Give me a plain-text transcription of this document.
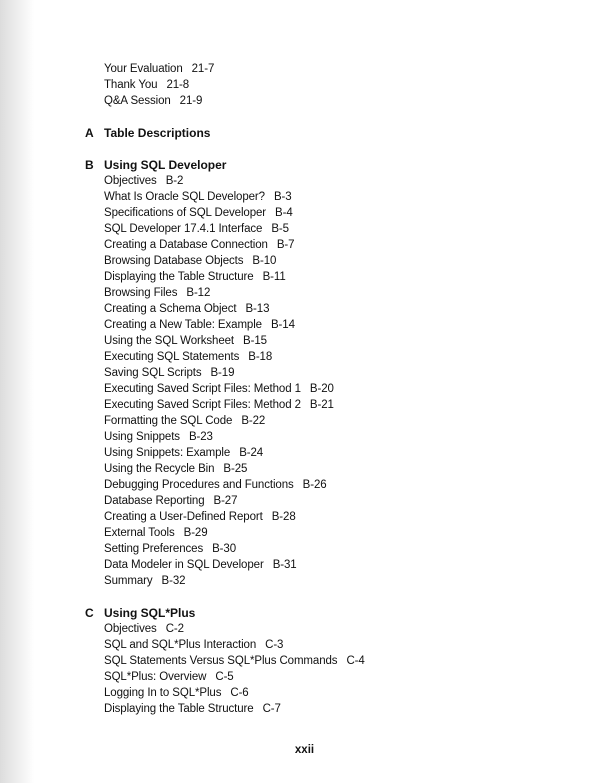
xxii
Your Evaluation 21-7
Thank You 21-8
Q&A Session 21-9
A Table Descriptions
B Using SQL Developer
Objectives B-2
What Is Oracle SQL Developer? B-3
Specifications of SQL Developer B-4
SQL Developer 17.4.1 Interface B-5
Creating a Database Connection B-7
Browsing Database Objects B-10
Displaying the Table Structure B-11
Browsing Files B-12
Creating a Schema Object B-13
Creating a New Table: Example B-14
Using the SQL Worksheet B-15
Executing SQL Statements B-18
Saving SQL Scripts B-19
Executing Saved Script Files: Method 1 B-20
Executing Saved Script Files: Method 2 B-21
Formatting the SQL Code B-22
Using Snippets B-23
Using Snippets: Example B-24
Using the Recycle Bin B-25
Debugging Procedures and Functions B-26
Database Reporting B-27
Creating a User-Defined Report B-28
External Tools B-29
Setting Preferences B-30
Data Modeler in SQL Developer B-31
Summary B-32
C Using SQL*Plus
Objectives C-2
SQL and SQL*Plus Interaction C-3
SQL Statements Versus SQL*Plus Commands C-4
SQL*Plus: Overview C-5
Logging In to SQL*Plus C-6
Displaying the Table Structure C-7
